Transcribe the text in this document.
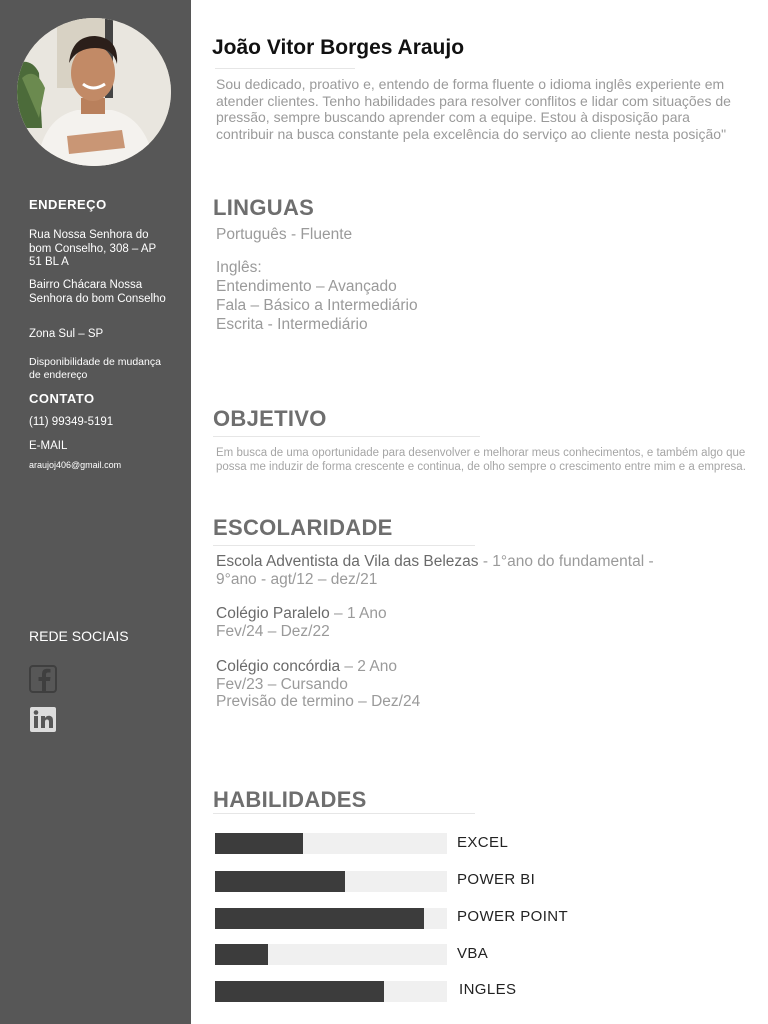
ENDEREÇO

Rua Nossa Senhora do bom Conselho, 308 – AP 51 BL A

Bairro Chácara Nossa Senhora do bom Conselho

Zona Sul – SP

Disponibilidade de mudança de endereço

CONTATO

(11) 99349-5191

E-MAIL

araujoj406@gmail.com

REDE SOCIAIS

João Vitor Borges Araujo

Sou dedicado, proativo e, entendo de forma fluente o idioma inglês experiente em atender clientes. Tenho habilidades para resolver conflitos e lidar com situações de pressão, sempre buscando aprender com a equipe. Estou à disposição para contribuir na busca constante pela excelência do serviço ao cliente nesta posição"

LINGUAS

Português - Fluente

Inglês:

Entendimento – Avançado

Fala – Básico a Intermediário

Escrita - Intermediário

OBJETIVO

Em busca de uma oportunidade para desenvolver e melhorar meus conhecimentos, e também algo que possa me induzir de forma crescente e continua, de olho sempre o crescimento entre mim e a empresa.

ESCOLARIDADE

Escola Adventista da Vila das Belezas - 1°ano do fundamental -
9°ano - agt/12 – dez/21

Colégio Paralelo – 1 Ano
Fev/24 – Dez/22

Colégio concórdia – 2 Ano
Fev/23 – Cursando
Previsão de termino – Dez/24

HABILIDADES

EXCEL

POWER BI

POWER POINT

VBA

INGLES
